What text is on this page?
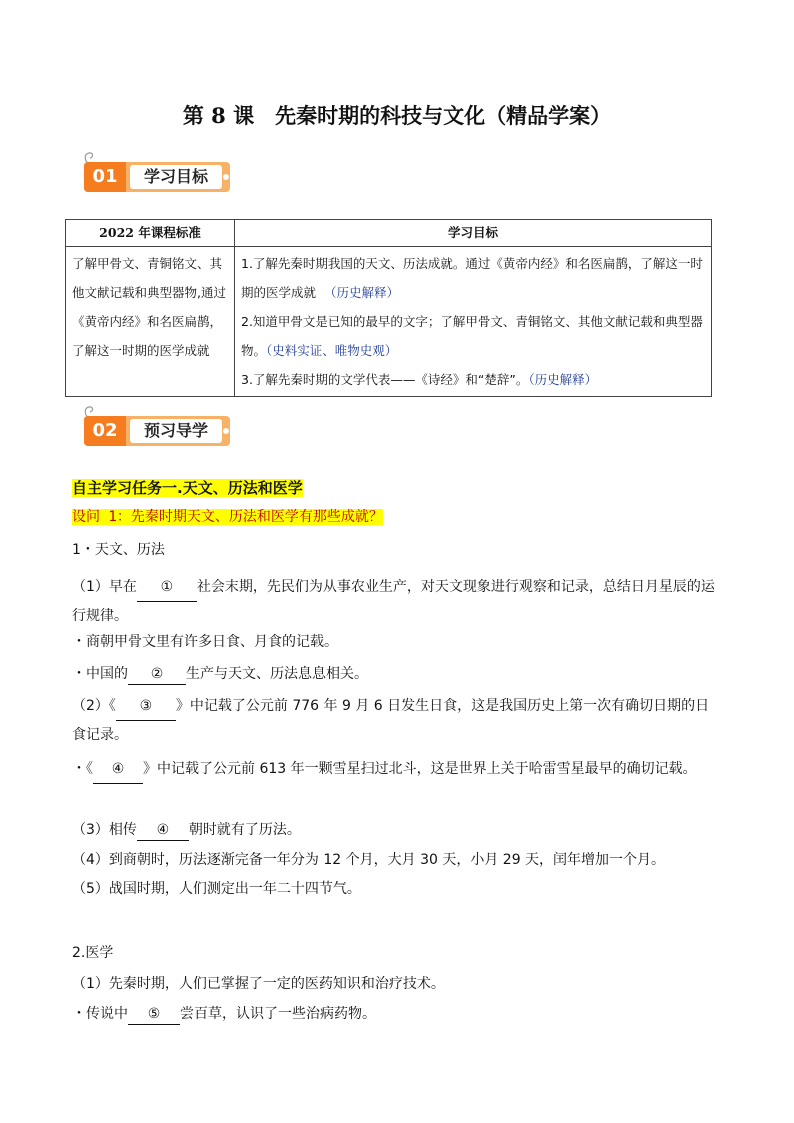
第 8 课　先秦时期的科技与文化（精品学案）
01	学习目标
2022 年课程标准	学习目标
了解甲骨文、青铜铭文、其他文献记载和典型器物,通过《黄帝内经》和名医扁鹊，了解这一时期的医学成就	1.了解先秦时期我国的天文、历法成就。通过《黄帝内经》和名医扁鹊，了解这一时期的医学成就 （历史解释）
2.知道甲骨文是已知的最早的文字；了解甲骨文、青铜铭文、其他文献记载和典型器物。（史料实证、唯物史观）
3.了解先秦时期的文学代表——《诗经》和“楚辞”。（历史解释）
02	预习导学
自主学习任务一.天文、历法和医学
设问 1：先秦时期天文、历法和医学有那些成就？
1・天文、历法
（1）早在 ① 社会末期，先民们为从事农业生产，对天文现象进行观察和记录，总结日月星辰的运行规律。
・商朝甲骨文里有许多日食、月食的记载。
・中国的 ② 生产与天文、历法息息相关。
（2）《 ③ 》中记载了公元前 776 年 9 月 6 日发生日食，这是我国历史上第一次有确切日期的日食记录。
・《 ④ 》中记载了公元前 613 年一颗雪星扫过北斗，这是世界上关于哈雷雪星最早的确切记载。
（3）相传 ④ 朝时就有了历法。
（4）到商朝时，历法逐渐完备一年分为 12 个月，大月 30 天，小月 29 天，闰年增加一个月。
（5）战国时期，人们测定出一年二十四节气。
2.医学
（1）先秦时期，人们已掌握了一定的医药知识和治疗技术。
・传说中 ⑤ 尝百草，认识了一些治病药物。
